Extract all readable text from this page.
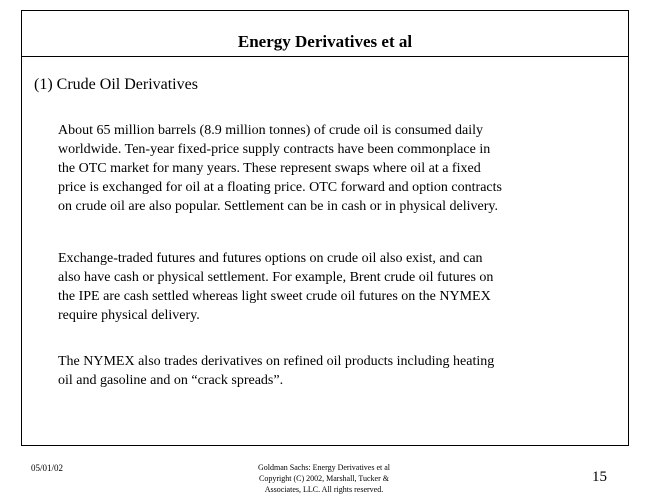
Energy Derivatives et al
(1) Crude Oil Derivatives

About 65 million barrels (8.9 million tonnes) of crude oil is consumed daily
worldwide. Ten-year fixed-price supply contracts have been commonplace in
the OTC market for many years. These represent swaps where oil at a fixed
price is exchanged for oil at a floating price. OTC forward and option contracts
on crude oil are also popular. Settlement can be in cash or in physical delivery.

Exchange-traded futures and futures options on crude oil also exist, and can
also have cash or physical settlement. For example, Brent crude oil futures on
the IPE are cash settled whereas light sweet crude oil futures on the NYMEX
require physical delivery.

The NYMEX also trades derivatives on refined oil products including heating
oil and gasoline and on “crack spreads”.

05/01/02	Goldman Sachs: Energy Derivatives et al
Copyright (C) 2002, Marshall, Tucker &
Associates, LLC. All rights reserved.
15
